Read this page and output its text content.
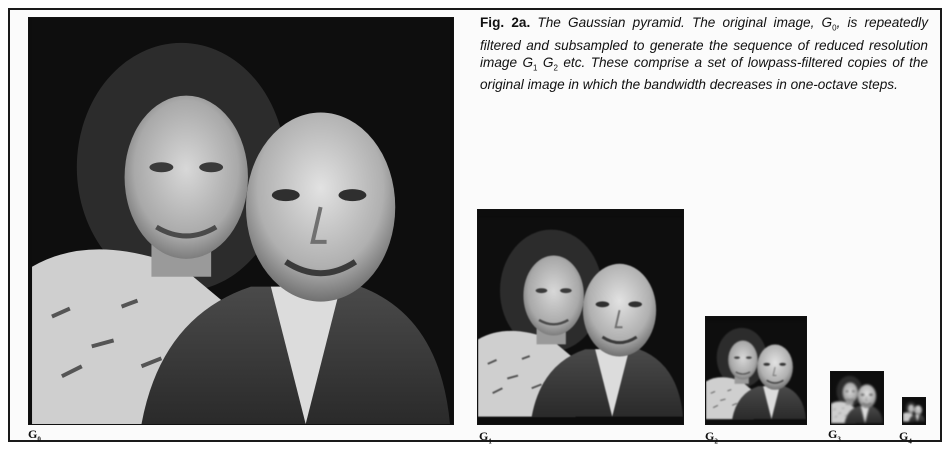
Fig. 2a. The Gaussian pyramid. The original image, $G_0$, is repeatedly filtered and subsampled to generate the sequence of reduced resolution image $G_1$ $G_2$ etc. These comprise a set of lowpass-filtered copies of the original image in which the bandwidth decreases in one-octave steps.
$G_0$	$G_1$	$G_2$
$G_3$	$G_4$
